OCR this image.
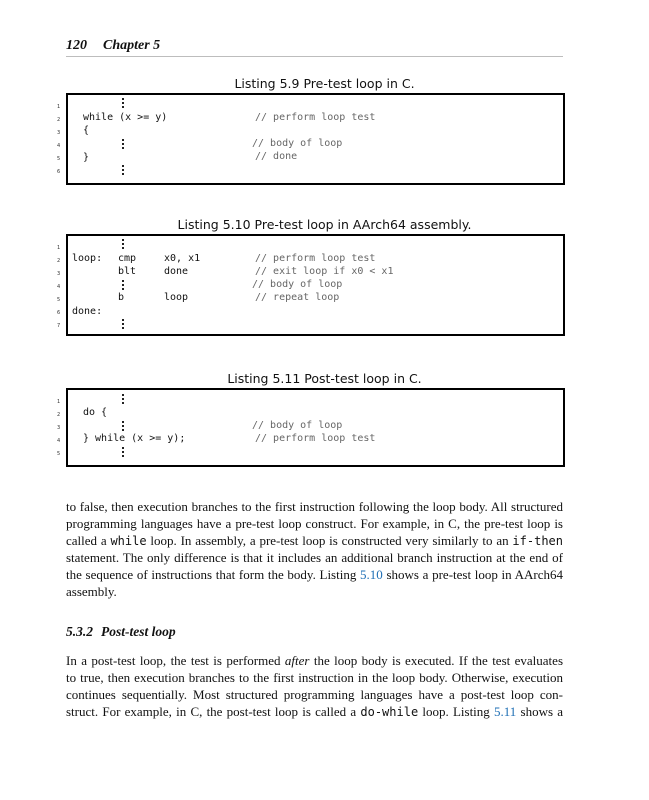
120 Chapter 5
Listing 5.9 Pre-test loop in C.
1
2
3
4
5
6
while (x >= y)
{
}
// perform loop test
// body of loop
// done
Listing 5.10 Pre-test loop in AArch64 assembly.
1
2
3
4
5
6
7
loop: cmp	x0, x1
blt	done
b	loop
done:
// perform loop test
// exit loop if x0 < x1
// body of loop
// repeat loop
Listing 5.11 Post-test loop in C.
1
2
3
4
5
do {
} while (x >= y);
// body of loop
// perform loop test
to false, then execution branches to the first instruction following the loop body. All structured
programming languages have a pre-test loop construct. For example, in C, the pre-test loop is
called a while loop. In assembly, a pre-test loop is constructed very similarly to an if-then
statement. The only difference is that it includes an additional branch instruction at the end of
the sequence of instructions that form the body. Listing 5.10 shows a pre-test loop in AArch64
assembly.
5.3.2 Post-test loop
In a post-test loop, the test is performed after the loop body is executed. If the test evaluates
to true, then execution branches to the first instruction in the loop body. Otherwise, execution
continues sequentially. Most structured programming languages have a post-test loop con-
struct. For example, in C, the post-test loop is called a do-while loop. Listing 5.11 shows a
